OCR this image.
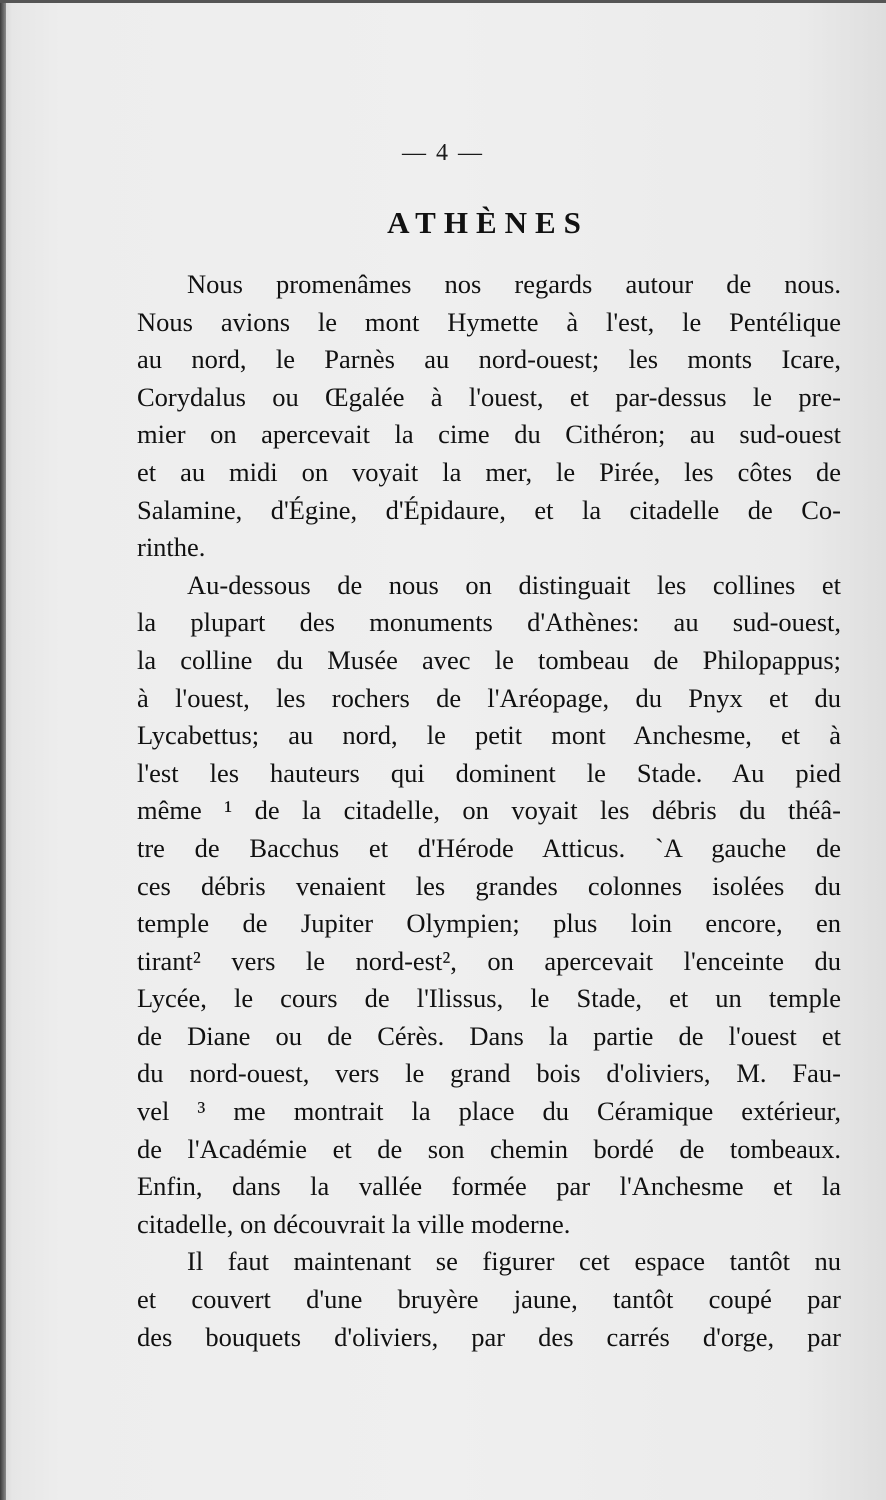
— 4 —
ATHÈNES
Nous promenâmes nos regards autour de nous.
Nous avions le mont Hymette à l'est, le Pentélique
au nord, le Parnès au nord-ouest; les monts Icare,
Corydalus ou Œgalée à l'ouest, et par-dessus le pre-
mier on apercevait la cime du Cithéron; au sud-ouest
et au midi on voyait la mer, le Pirée, les côtes de
Salamine, d'Égine, d'Épidaure, et la citadelle de Co-
rinthe.
Au-dessous de nous on distinguait les collines et
la plupart des monuments d'Athènes: au sud-ouest,
la colline du Musée avec le tombeau de Philopappus;
à l'ouest, les rochers de l'Aréopage, du Pnyx et du
Lycabettus; au nord, le petit mont Anchesme, et à
l'est les hauteurs qui dominent le Stade. Au pied
même ¹ de la citadelle, on voyait les débris du théâ-
tre de Bacchus et d'Hérode Atticus. `A gauche de
ces débris venaient les grandes colonnes isolées du
temple de Jupiter Olympien; plus loin encore, en
tirant² vers le nord-est², on apercevait l'enceinte du
Lycée, le cours de l'Ilissus, le Stade, et un temple
de Diane ou de Cérès. Dans la partie de l'ouest et
du nord-ouest, vers le grand bois d'oliviers, M. Fau-
vel ³ me montrait la place du Céramique extérieur,
de l'Académie et de son chemin bordé de tombeaux.
Enfin, dans la vallée formée par l'Anchesme et la
citadelle, on découvrait la ville moderne.
Il faut maintenant se figurer cet espace tantôt nu
et couvert d'une bruyère jaune, tantôt coupé par
des bouquets d'oliviers, par des carrés d'orge, par
